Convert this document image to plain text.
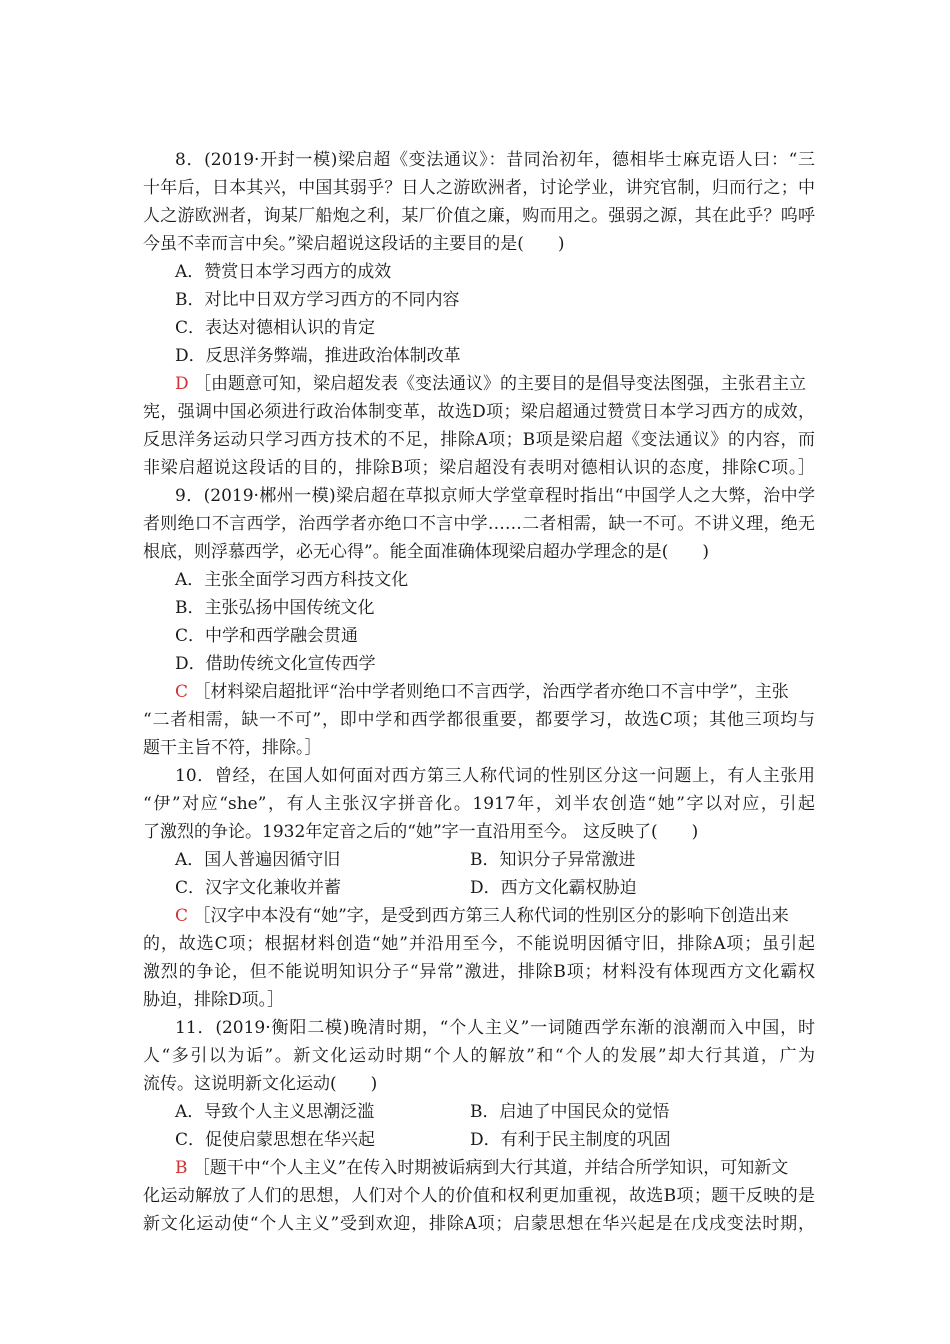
8．(2019·开封一模)梁启超《变法通议》：昔同治初年，德相毕士麻克语人曰：“三
十年后，日本其兴，中国其弱乎？日人之游欧洲者，讨论学业，讲究官制，归而行之；中
人之游欧洲者，询某厂船炮之利，某厂价值之廉，购而用之。强弱之源，其在此乎？呜呼
今虽不幸而言中矣。”梁启超说这段话的主要目的是(　　)
A．赞赏日本学习西方的成效
B．对比中日双方学习西方的不同内容
C．表达对德相认识的肯定
D．反思洋务弊端，推进政治体制改革
D ［由题意可知，梁启超发表《变法通议》的主要目的是倡导变法图强，主张君主立
宪，强调中国必须进行政治体制变革，故选D项；梁启超通过赞赏日本学习西方的成效，
反思洋务运动只学习西方技术的不足，排除A项；B项是梁启超《变法通议》的内容，而
非梁启超说这段话的目的，排除B项；梁启超没有表明对德相认识的态度，排除C项。］
9．(2019·郴州一模)梁启超在草拟京师大学堂章程时指出“中国学人之大弊，治中学
者则绝口不言西学，治西学者亦绝口不言中学……二者相需，缺一不可。不讲义理，绝无
根底，则浮慕西学，必无心得”。能全面准确体现梁启超办学理念的是(　　)
A．主张全面学习西方科技文化
B．主张弘扬中国传统文化
C．中学和西学融会贯通
D．借助传统文化宣传西学
C ［材料梁启超批评“治中学者则绝口不言西学，治西学者亦绝口不言中学”，主张
“二者相需，缺一不可”，即中学和西学都很重要，都要学习，故选C项；其他三项均与
题干主旨不符，排除。］
10．曾经，在国人如何面对西方第三人称代词的性别区分这一问题上，有人主张用
“伊”对应“she”，有人主张汉字拼音化。1917年，刘半农创造“她”字以对应，引起
了激烈的争论。1932年定音之后的“她”字一直沿用至今。 这反映了(　　)
A．国人普遍因循守旧	B．知识分子异常激进
C．汉字文化兼收并蓄	D．西方文化霸权胁迫
C ［汉字中本没有“她”字，是受到西方第三人称代词的性别区分的影响下创造出来
的，故选C项；根据材料创造“她”并沿用至今，不能说明因循守旧，排除A项；虽引起
激烈的争论，但不能说明知识分子“异常”激进，排除B项；材料没有体现西方文化霸权
胁迫，排除D项。］
11．(2019·衡阳二模)晚清时期，“个人主义”一词随西学东渐的浪潮而入中国，时
人“多引以为诟”。新文化运动时期“个人的解放”和“个人的发展”却大行其道，广为
流传。这说明新文化运动(　　)
A．导致个人主义思潮泛滥	B．启迪了中国民众的觉悟
C．促使启蒙思想在华兴起	D．有利于民主制度的巩固
B ［题干中“个人主义”在传入时期被诟病到大行其道，并结合所学知识，可知新文
化运动解放了人们的思想，人们对个人的价值和权利更加重视，故选B项；题干反映的是
新文化运动使“个人主义”受到欢迎，排除A项；启蒙思想在华兴起是在戊戌变法时期，
